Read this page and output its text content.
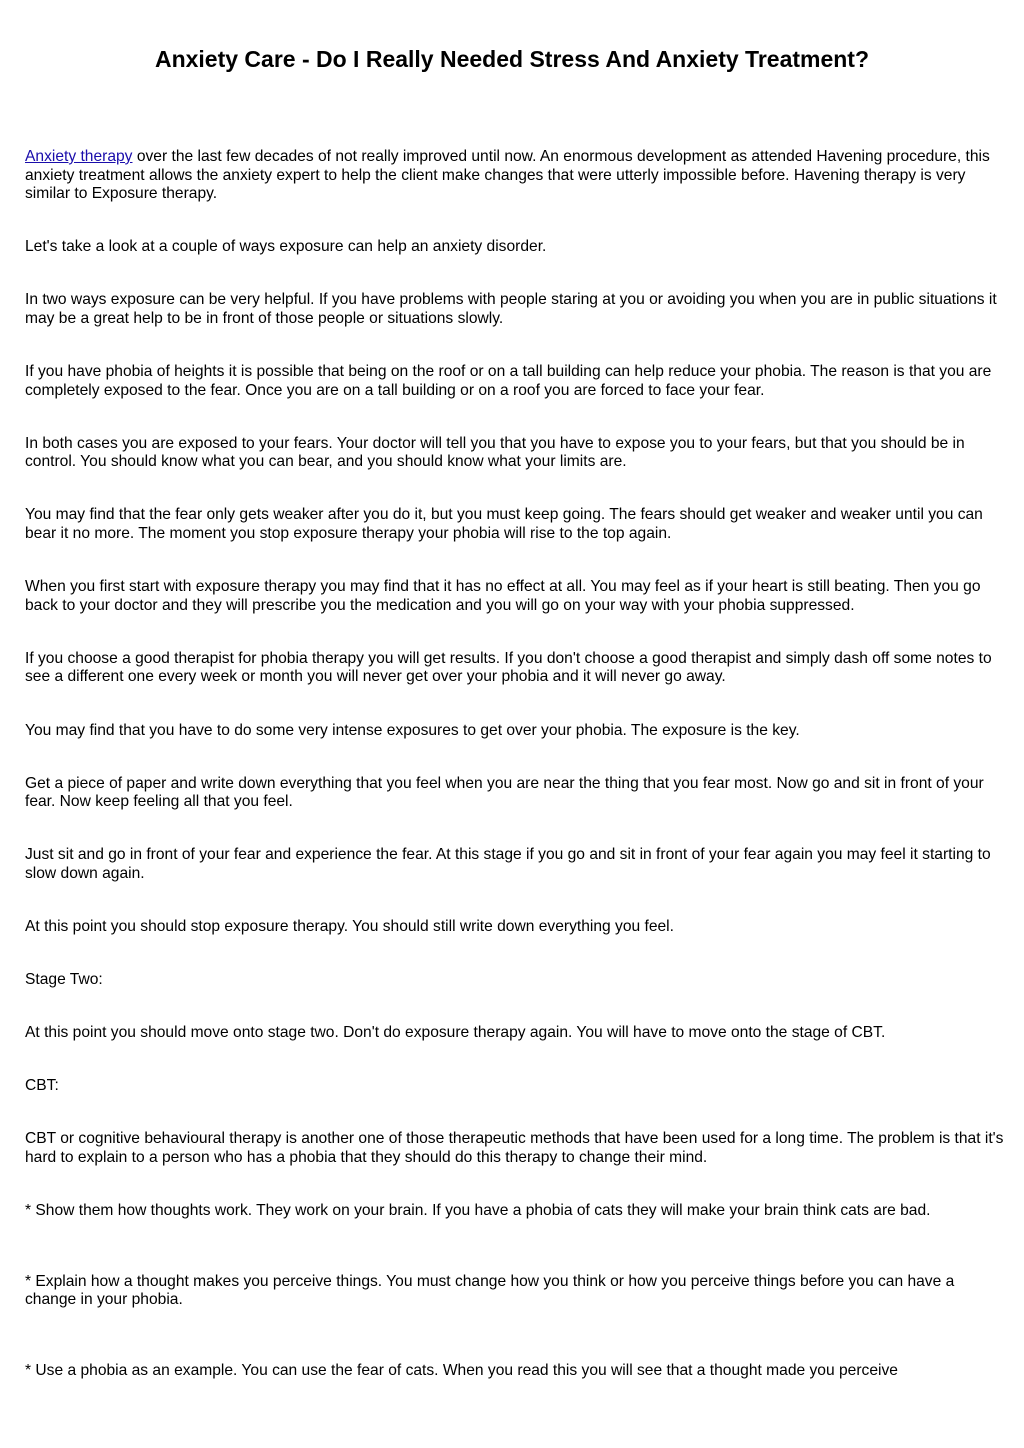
Anxiety Care - Do I Really Needed Stress And Anxiety Treatment?

Anxiety therapy over the last few decades of not really improved until now. An enormous development as attended Havening procedure, this anxiety treatment allows the anxiety expert to help the client make changes that were utterly impossible before. Havening therapy is very similar to Exposure therapy.

Let's take a look at a couple of ways exposure can help an anxiety disorder.

In two ways exposure can be very helpful. If you have problems with people staring at you or avoiding you when you are in public situations it may be a great help to be in front of those people or situations slowly.

If you have phobia of heights it is possible that being on the roof or on a tall building can help reduce your phobia. The reason is that you are completely exposed to the fear. Once you are on a tall building or on a roof you are forced to face your fear.

In both cases you are exposed to your fears. Your doctor will tell you that you have to expose you to your fears, but that you should be in control. You should know what you can bear, and you should know what your limits are.

You may find that the fear only gets weaker after you do it, but you must keep going. The fears should get weaker and weaker until you can bear it no more. The moment you stop exposure therapy your phobia will rise to the top again.

When you first start with exposure therapy you may find that it has no effect at all. You may feel as if your heart is still beating. Then you go back to your doctor and they will prescribe you the medication and you will go on your way with your phobia suppressed.

If you choose a good therapist for phobia therapy you will get results. If you don't choose a good therapist and simply dash off some notes to see a different one every week or month you will never get over your phobia and it will never go away.

You may find that you have to do some very intense exposures to get over your phobia. The exposure is the key.

Get a piece of paper and write down everything that you feel when you are near the thing that you fear most. Now go and sit in front of your fear. Now keep feeling all that you feel.

Just sit and go in front of your fear and experience the fear. At this stage if you go and sit in front of your fear again you may feel it starting to slow down again.

At this point you should stop exposure therapy. You should still write down everything you feel.

Stage Two:

At this point you should move onto stage two. Don't do exposure therapy again. You will have to move onto the stage of CBT.

CBT:

CBT or cognitive behavioural therapy is another one of those therapeutic methods that have been used for a long time. The problem is that it's hard to explain to a person who has a phobia that they should do this therapy to change their mind.

* Show them how thoughts work. They work on your brain. If you have a phobia of cats they will make your brain think cats are bad.

* Explain how a thought makes you perceive things. You must change how you think or how you perceive things before you can have a change in your phobia.

* Use a phobia as an example. You can use the fear of cats. When you read this you will see that a thought made you perceive
